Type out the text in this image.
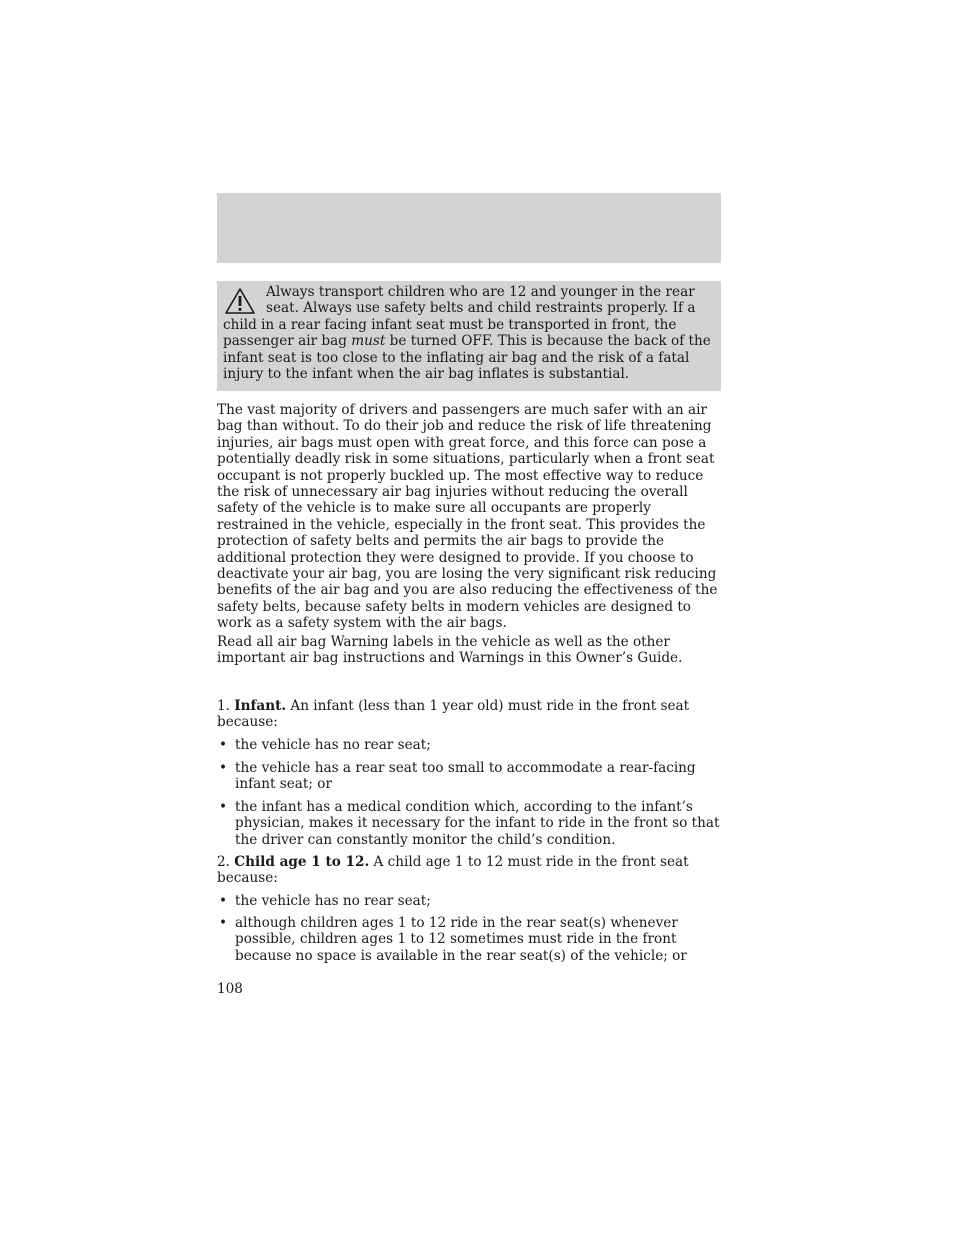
Always transport children who are 12 and younger in the rear
seat. Always use safety belts and child restraints properly. If a
child in a rear facing infant seat must be transported in front, the
passenger air bag must be turned OFF. This is because the back of the
infant seat is too close to the inflating air bag and the risk of a fatal
injury to the infant when the air bag inflates is substantial.

The vast majority of drivers and passengers are much safer with an air
bag than without. To do their job and reduce the risk of life threatening
injuries, air bags must open with great force, and this force can pose a
potentially deadly risk in some situations, particularly when a front seat
occupant is not properly buckled up. The most effective way to reduce
the risk of unnecessary air bag injuries without reducing the overall
safety of the vehicle is to make sure all occupants are properly
restrained in the vehicle, especially in the front seat. This provides the
protection of safety belts and permits the air bags to provide the
additional protection they were designed to provide. If you choose to
deactivate your air bag, you are losing the very significant risk reducing
benefits of the air bag and you are also reducing the effectiveness of the
safety belts, because safety belts in modern vehicles are designed to
work as a safety system with the air bags.

Read all air bag Warning labels in the vehicle as well as the other
important air bag instructions and Warnings in this Owner’s Guide.

1. Infant. An infant (less than 1 year old) must ride in the front seat
because:

• the vehicle has no rear seat;
• the vehicle has a rear seat too small to accommodate a rear-facing
infant seat; or
• the infant has a medical condition which, according to the infant’s
physician, makes it necessary for the infant to ride in the front so that
the driver can constantly monitor the child’s condition.

2. Child age 1 to 12. A child age 1 to 12 must ride in the front seat
because:

• the vehicle has no rear seat;
• although children ages 1 to 12 ride in the rear seat(s) whenever
possible, children ages 1 to 12 sometimes must ride in the front
because no space is available in the rear seat(s) of the vehicle; or
108
